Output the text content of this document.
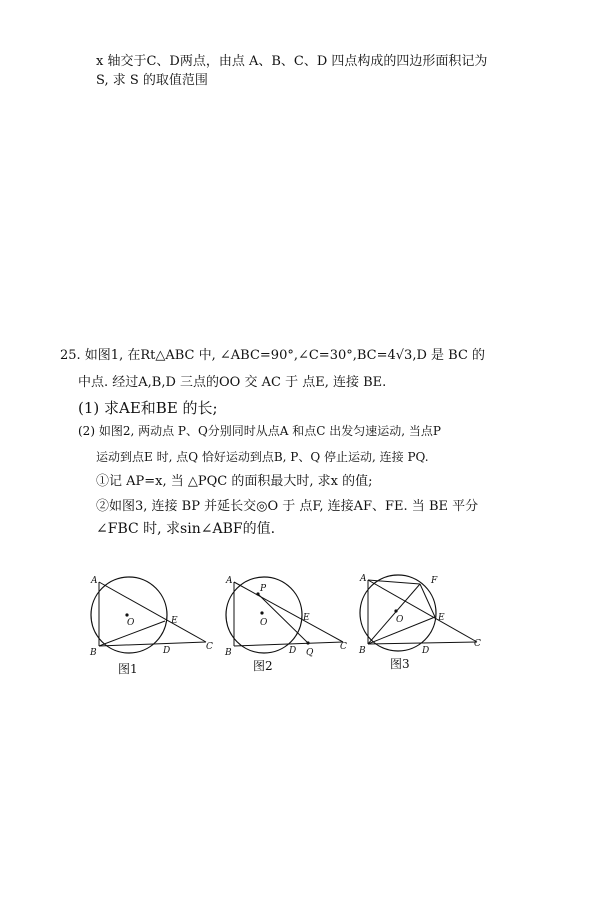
x 轴交于C、D两点，由点 A、B、C、D 四点构成的四边形面积记为
S, 求 S 的取值范围
25. 如图1, 在Rt△ABC 中, ∠ABC=90°,∠C=30°,BC=4√3,D 是 BC 的
中点. 经过A,B,D 三点的OO 交 AC 于 点E, 连接 BE.
(1) 求AE和BE 的长;
(2) 如图2, 两动点 P、Q分别同时从点A 和点C 出发匀速运动, 当点P
运动到点E 时, 点Q 恰好运动到点B, P、Q 停止运动, 连接 PQ.
①记 AP=x, 当 △PQC 的面积最大时, 求x 的值;
②如图3, 连接 BP 并延长交◎O 于 点F, 连接AF、FE. 当 BE 平分
∠FBC 时, 求sin∠ABF的值.
A
B
C
D
E
O
图1
A
B
C
D
E
O
P
Q
图2
A
B
C
D
E
O
F
图3
